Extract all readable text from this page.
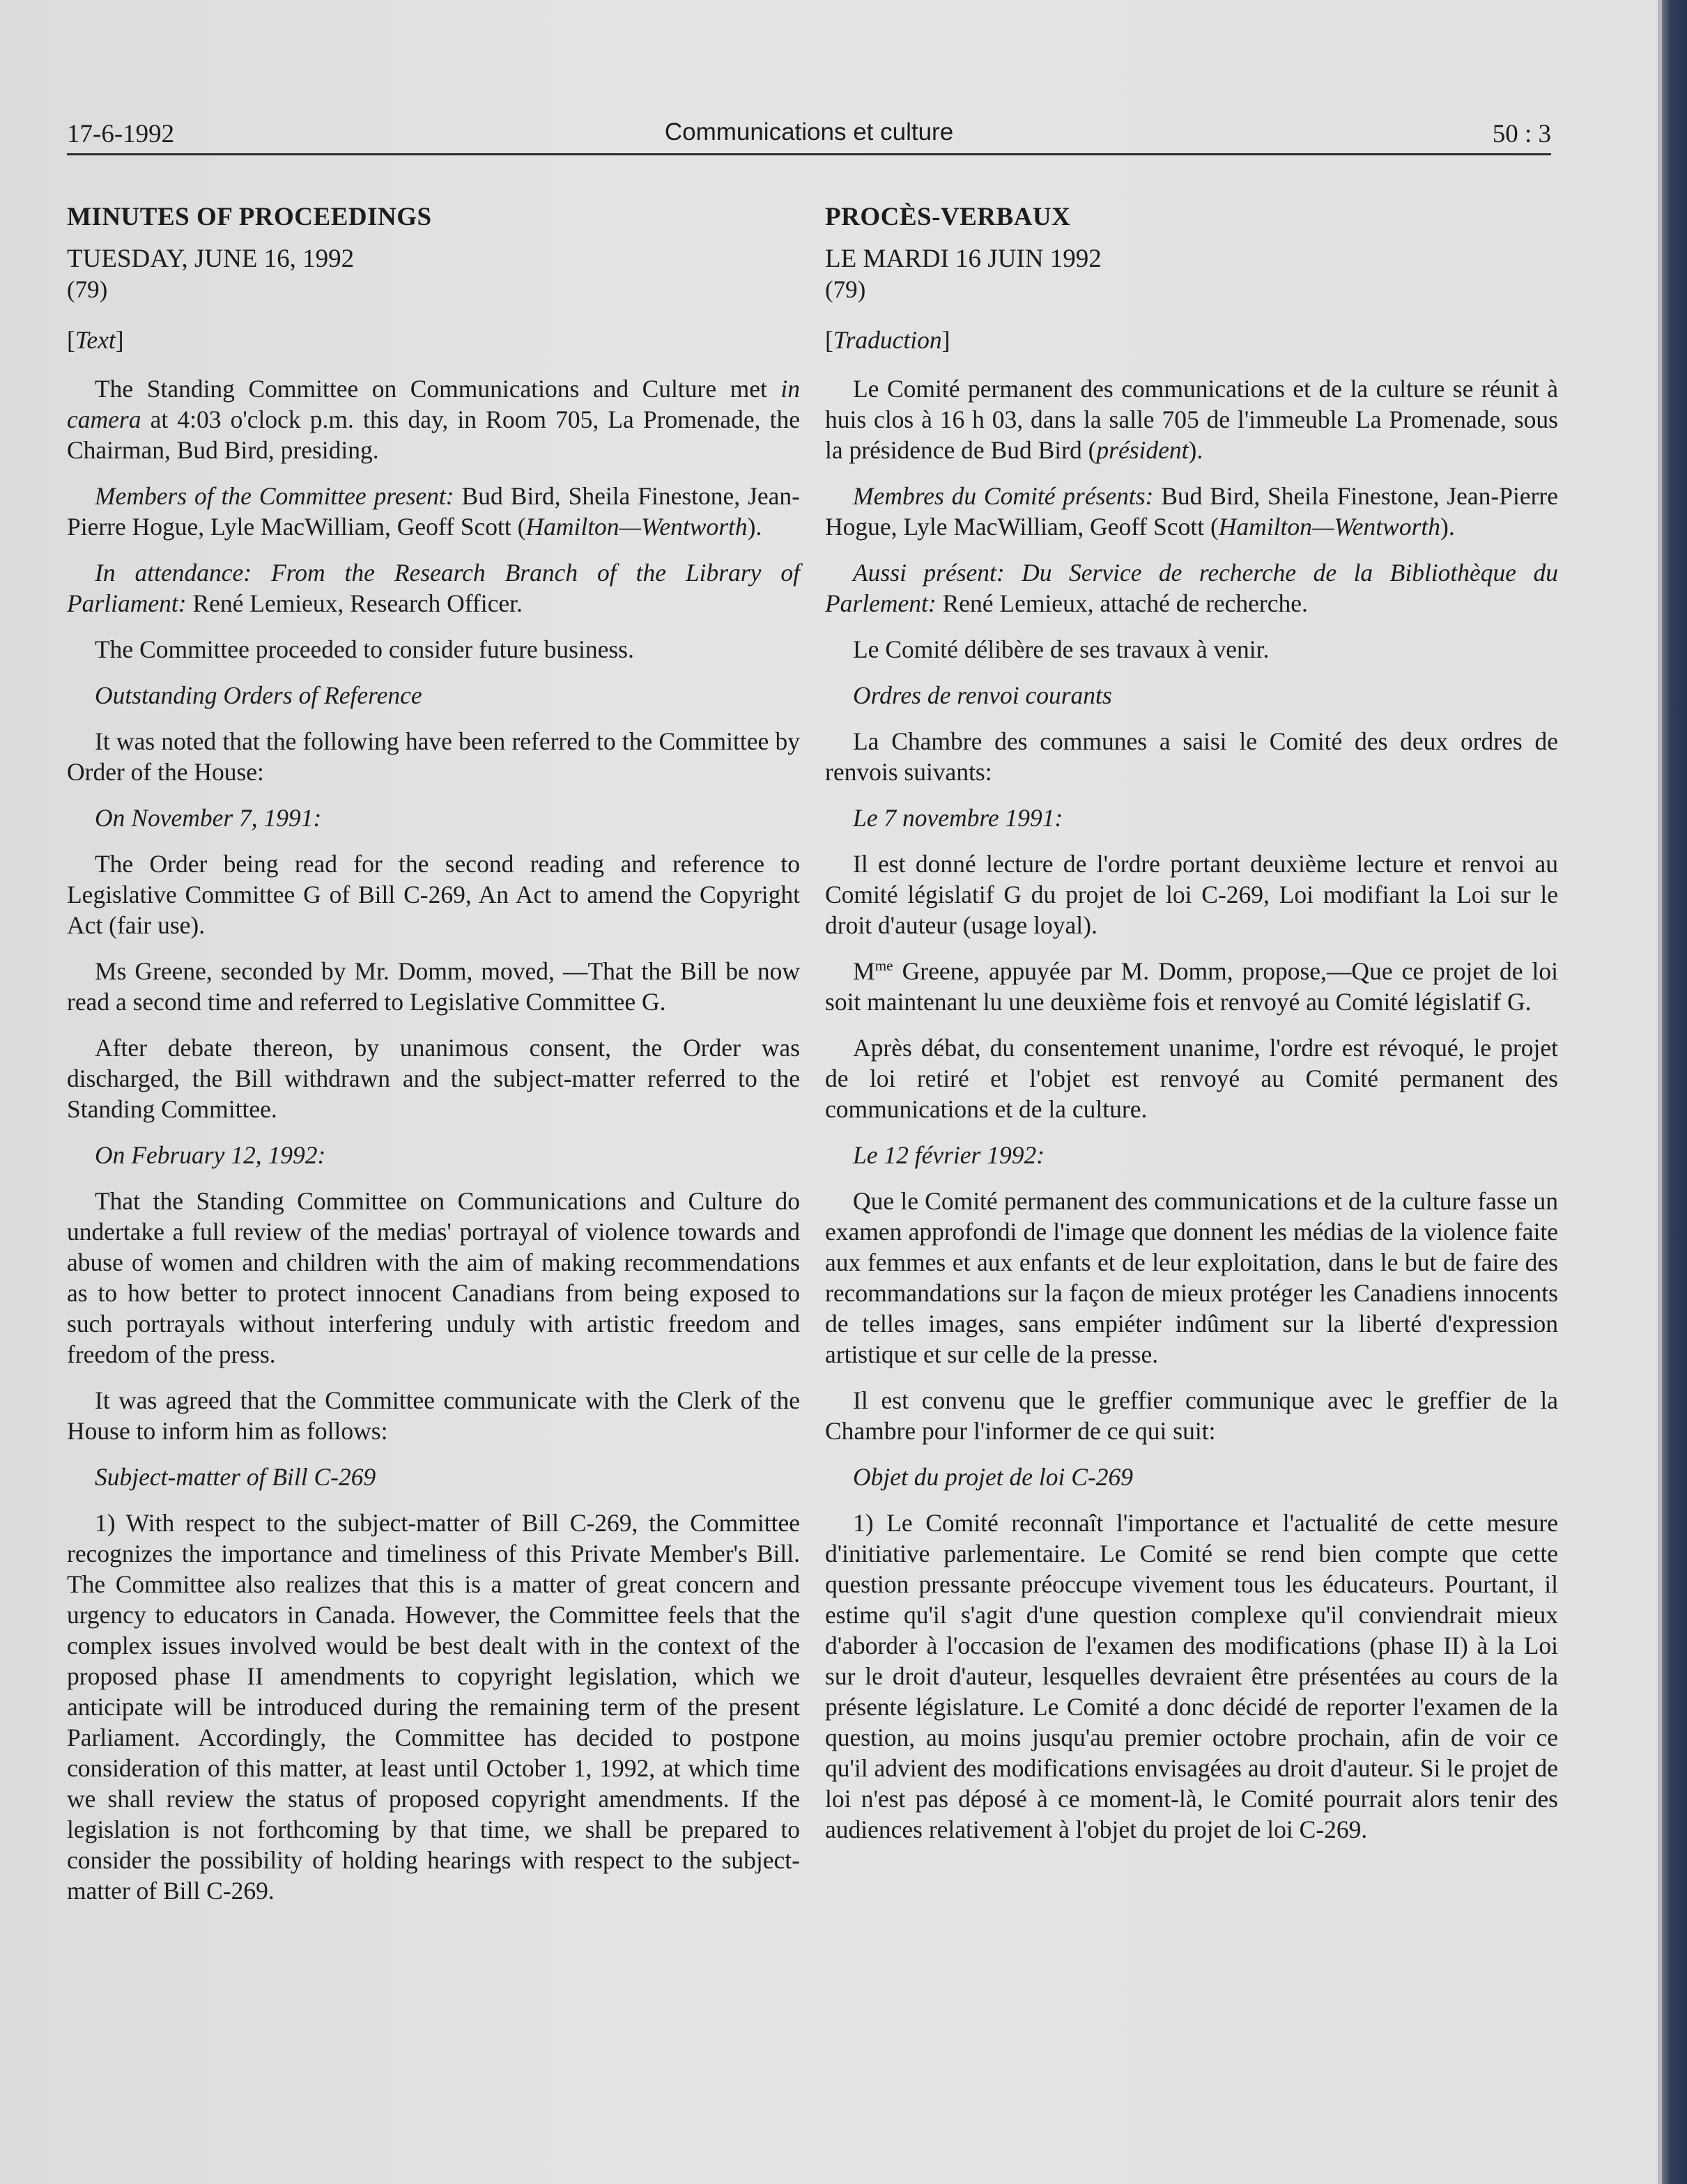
17-6-1992	Communications et culture	50 : 3
MINUTES OF PROCEEDINGS
TUESDAY, JUNE 16, 1992
(79)

[Text]

The Standing Committee on Communications and Culture met in camera at 4:03 o'clock p.m. this day, in Room 705, La Promenade, the Chairman, Bud Bird, presiding.

Members of the Committee present: Bud Bird, Sheila Finestone, Jean-Pierre Hogue, Lyle MacWilliam, Geoff Scott (Hamilton—Wentworth).

In attendance: From the Research Branch of the Library of Parliament: René Lemieux, Research Officer.

The Committee proceeded to consider future business.

Outstanding Orders of Reference

It was noted that the following have been referred to the Committee by Order of the House:

On November 7, 1991:

The Order being read for the second reading and reference to Legislative Committee G of Bill C-269, An Act to amend the Copyright Act (fair use).

Ms Greene, seconded by Mr. Domm, moved, —That the Bill be now read a second time and referred to Legislative Committee G.

After debate thereon, by unanimous consent, the Order was discharged, the Bill withdrawn and the subject-matter referred to the Standing Committee.

On February 12, 1992:

That the Standing Committee on Communications and Culture do undertake a full review of the medias' portrayal of violence towards and abuse of women and children with the aim of making recommendations as to how better to protect innocent Canadians from being exposed to such portrayals without interfering unduly with artistic freedom and freedom of the press.

It was agreed that the Committee communicate with the Clerk of the House to inform him as follows:

Subject-matter of Bill C-269

1) With respect to the subject-matter of Bill C-269, the Committee recognizes the importance and timeliness of this Private Member's Bill. The Committee also realizes that this is a matter of great concern and urgency to educators in Canada. However, the Committee feels that the complex issues involved would be best dealt with in the context of the proposed phase II amendments to copyright legislation, which we anticipate will be introduced during the remaining term of the present Parliament. Accordingly, the Committee has decided to postpone consideration of this matter, at least until October 1, 1992, at which time we shall review the status of proposed copyright amendments. If the legislation is not forthcoming by that time, we shall be prepared to consider the possibility of holding hearings with respect to the subject-matter of Bill C-269.

PROCÈS-VERBAUX
LE MARDI 16 JUIN 1992
(79)

[Traduction]

Le Comité permanent des communications et de la culture se réunit à huis clos à 16 h 03, dans la salle 705 de l'immeuble La Promenade, sous la présidence de Bud Bird (président).

Membres du Comité présents: Bud Bird, Sheila Finestone, Jean-Pierre Hogue, Lyle MacWilliam, Geoff Scott (Hamilton—Wentworth).

Aussi présent: Du Service de recherche de la Bibliothèque du Parlement: René Lemieux, attaché de recherche.

Le Comité délibère de ses travaux à venir.

Ordres de renvoi courants

La Chambre des communes a saisi le Comité des deux ordres de renvois suivants:

Le 7 novembre 1991:

Il est donné lecture de l'ordre portant deuxième lecture et renvoi au Comité législatif G du projet de loi C-269, Loi modifiant la Loi sur le droit d'auteur (usage loyal).

$M^{me}$ Greene, appuyée par M. Domm, propose,—Que ce projet de loi soit maintenant lu une deuxième fois et renvoyé au Comité législatif G.

Après débat, du consentement unanime, l'ordre est révoqué, le projet de loi retiré et l'objet est renvoyé au Comité permanent des communications et de la culture.

Le 12 février 1992:

Que le Comité permanent des communications et de la culture fasse un examen approfondi de l'image que donnent les médias de la violence faite aux femmes et aux enfants et de leur exploitation, dans le but de faire des recommandations sur la façon de mieux protéger les Canadiens innocents de telles images, sans empiéter indûment sur la liberté d'expression artistique et sur celle de la presse.

Il est convenu que le greffier communique avec le greffier de la Chambre pour l'informer de ce qui suit:

Objet du projet de loi C-269

1) Le Comité reconnaît l'importance et l'actualité de cette mesure d'initiative parlementaire. Le Comité se rend bien compte que cette question pressante préoccupe vivement tous les éducateurs. Pourtant, il estime qu'il s'agit d'une question complexe qu'il conviendrait mieux d'aborder à l'occasion de l'examen des modifications (phase II) à la Loi sur le droit d'auteur, lesquelles devraient être présentées au cours de la présente législature. Le Comité a donc décidé de reporter l'examen de la question, au moins jusqu'au premier octobre prochain, afin de voir ce qu'il advient des modifications envisagées au droit d'auteur. Si le projet de loi n'est pas déposé à ce moment-là, le Comité pourrait alors tenir des audiences relativement à l'objet du projet de loi C-269.
